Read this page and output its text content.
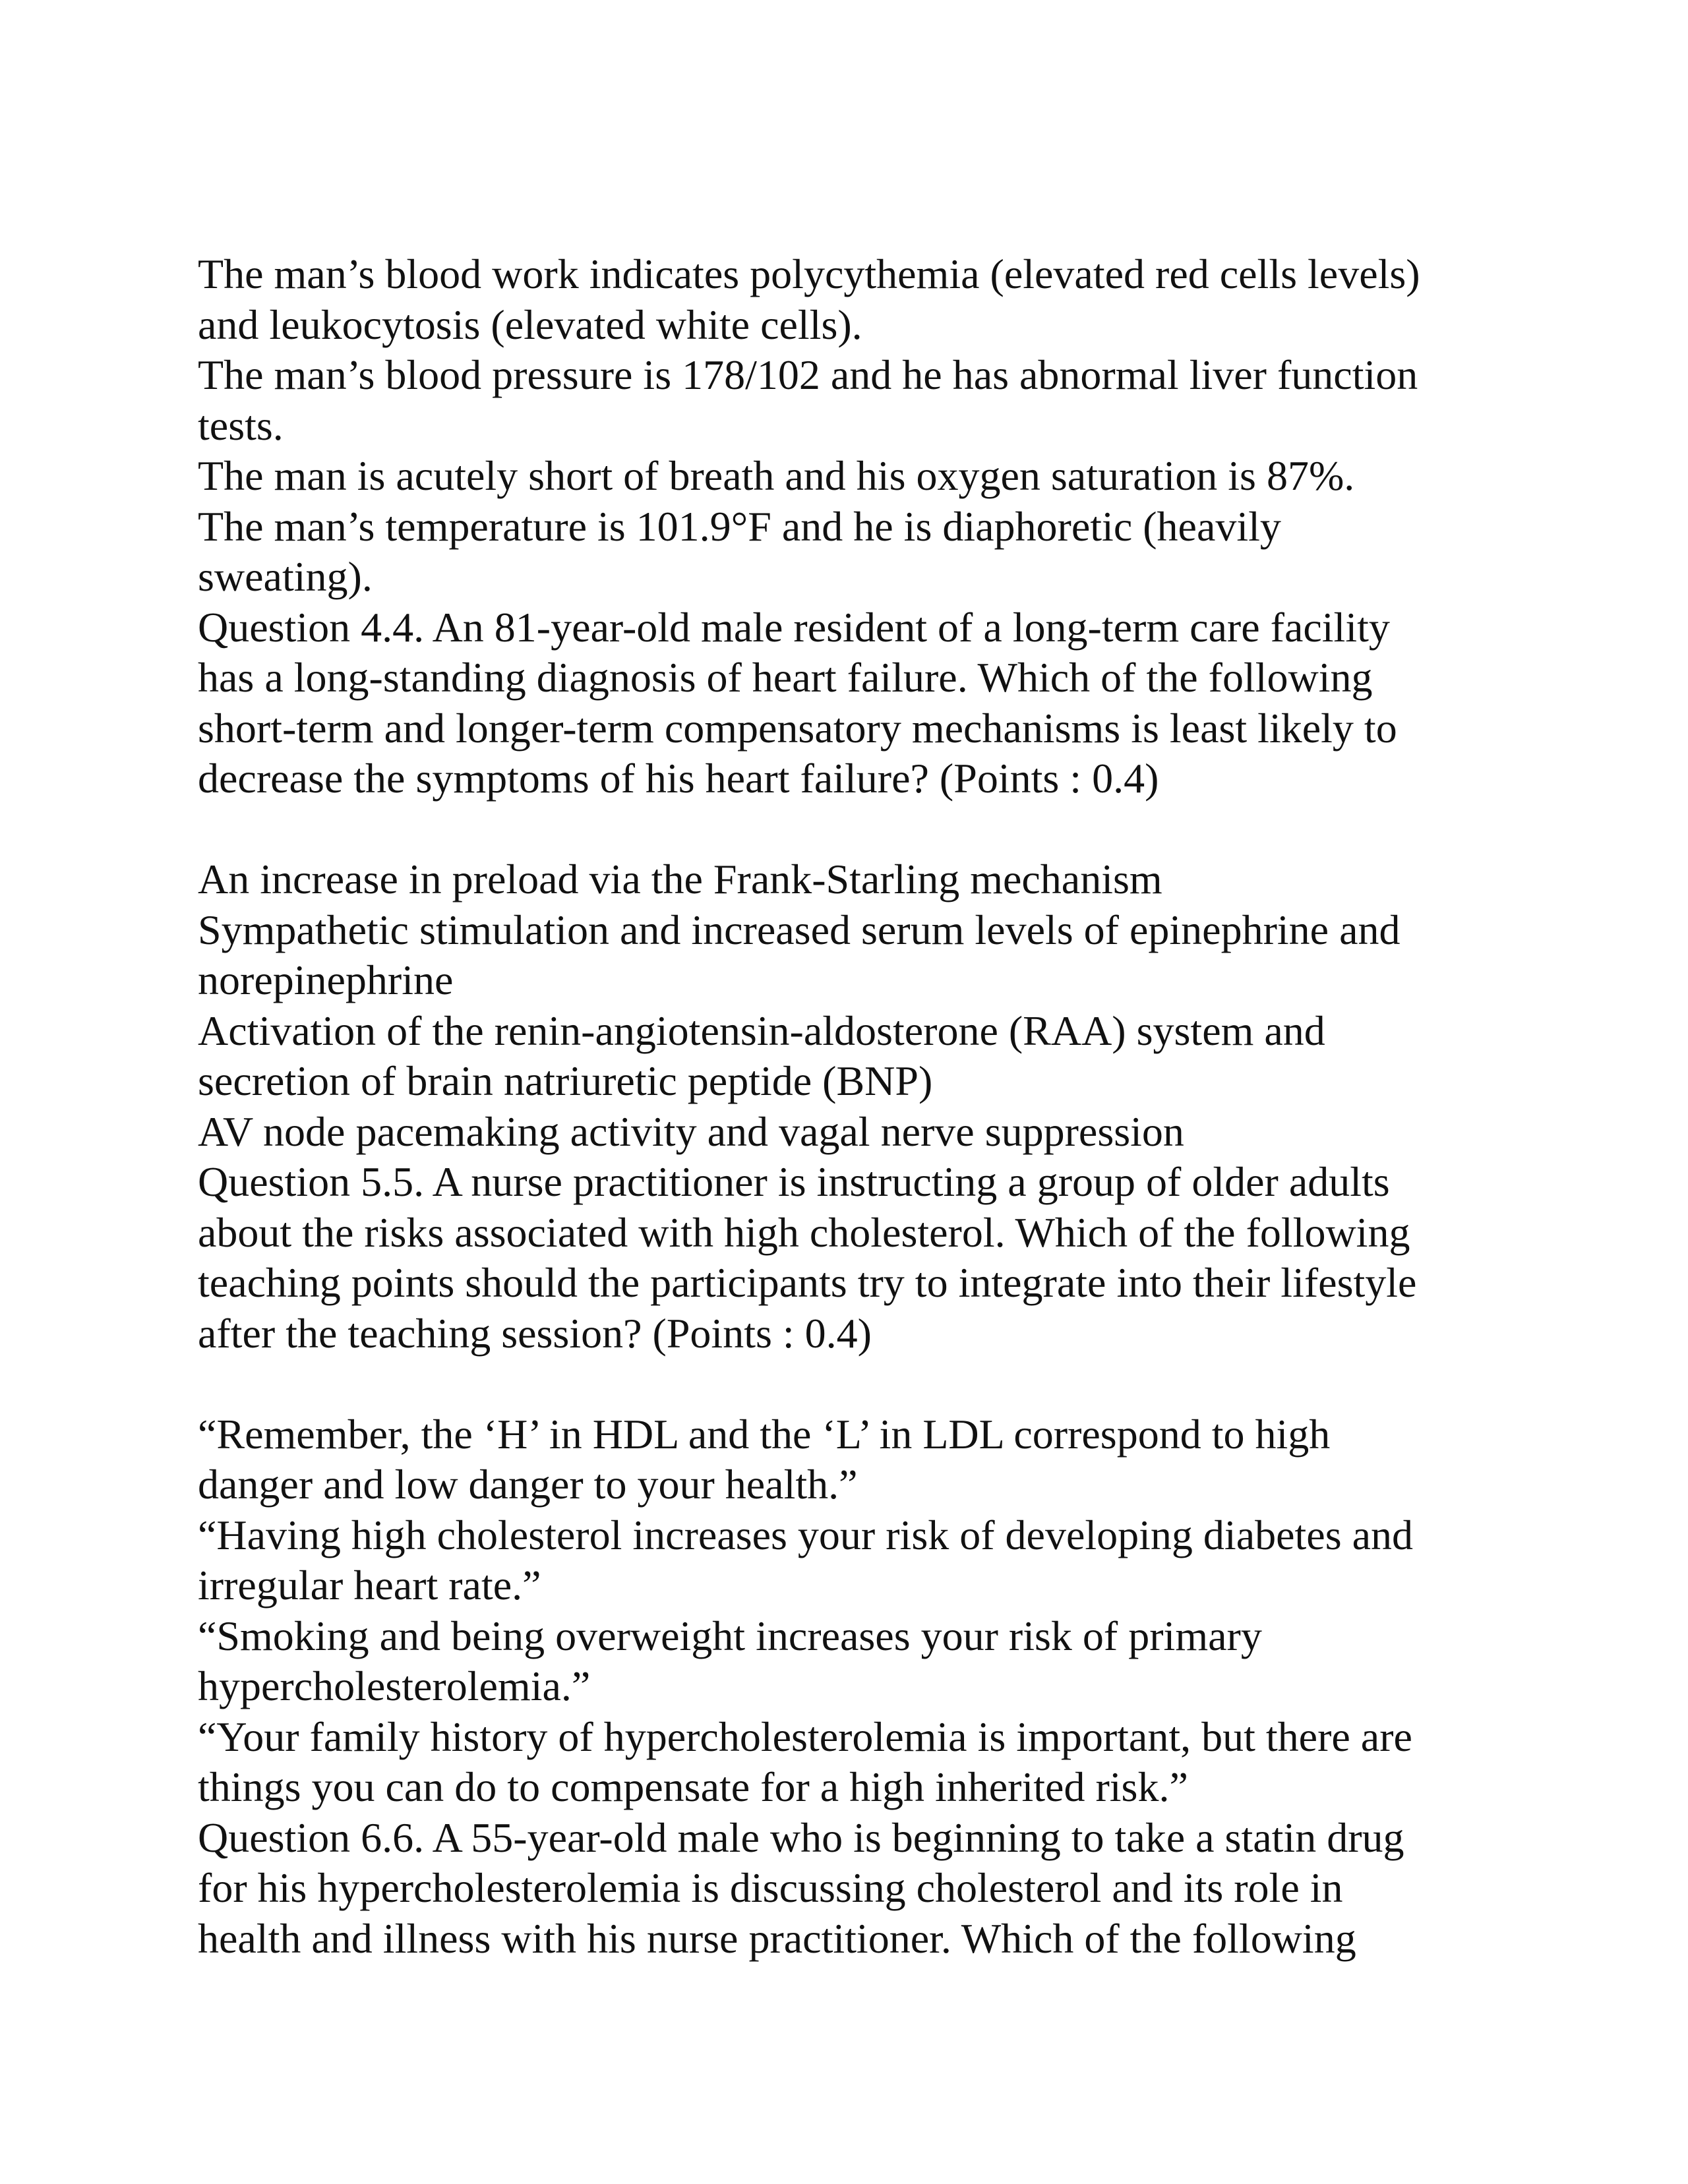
The man’s blood work indicates polycythemia (elevated red cells levels)
and leukocytosis (elevated white cells).
The man’s blood pressure is 178/102 and he has abnormal liver function
tests.
The man is acutely short of breath and his oxygen saturation is 87%.
The man’s temperature is 101.9°F and he is diaphoretic (heavily
sweating).
Question 4.4. An 81-year-old male resident of a long-term care facility
has a long-standing diagnosis of heart failure. Which of the following
short-term and longer-term compensatory mechanisms is least likely to
decrease the symptoms of his heart failure? (Points : 0.4)
An increase in preload via the Frank-Starling mechanism
Sympathetic stimulation and increased serum levels of epinephrine and
norepinephrine
Activation of the renin-angiotensin-aldosterone (RAA) system and
secretion of brain natriuretic peptide (BNP)
AV node pacemaking activity and vagal nerve suppression
Question 5.5. A nurse practitioner is instructing a group of older adults
about the risks associated with high cholesterol. Which of the following
teaching points should the participants try to integrate into their lifestyle
after the teaching session? (Points : 0.4)
“Remember, the ‘H’ in HDL and the ‘L’ in LDL correspond to high
danger and low danger to your health.”
“Having high cholesterol increases your risk of developing diabetes and
irregular heart rate.”
“Smoking and being overweight increases your risk of primary
hypercholesterolemia.”
“Your family history of hypercholesterolemia is important, but there are
things you can do to compensate for a high inherited risk.”
Question 6.6. A 55-year-old male who is beginning to take a statin drug
for his hypercholesterolemia is discussing cholesterol and its role in
health and illness with his nurse practitioner. Which of the following
